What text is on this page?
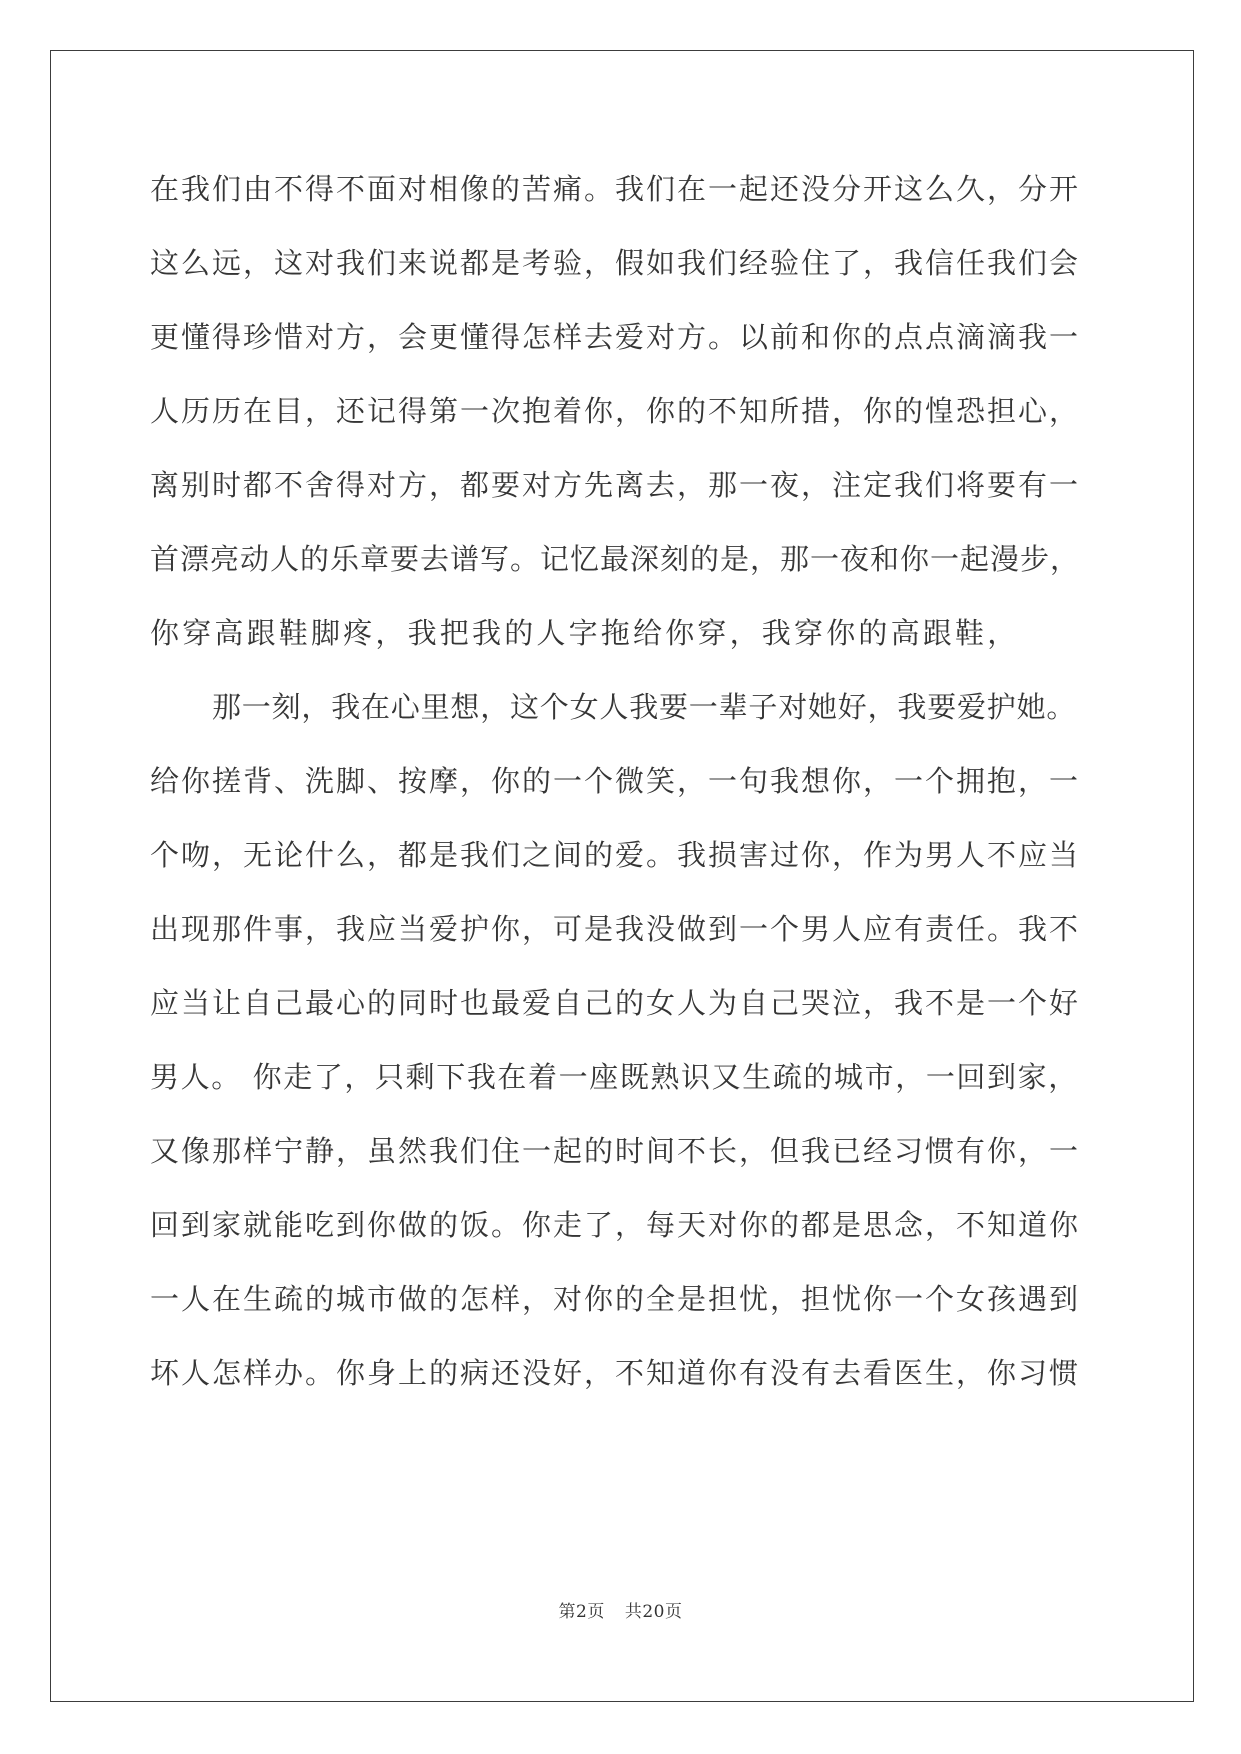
在我们由不得不面对相像的苦痛。我们在一起还没分开这么久，分开
这么远，这对我们来说都是考验，假如我们经验住了，我信任我们会
更懂得珍惜对方，会更懂得怎样去爱对方。以前和你的点点滴滴我一
人历历在目，还记得第一次抱着你，你的不知所措，你的惶恐担心，
离别时都不舍得对方，都要对方先离去，那一夜，注定我们将要有一
首漂亮动人的乐章要去谱写。记忆最深刻的是，那一夜和你一起漫步，
你穿高跟鞋脚疼，我把我的人字拖给你穿，我穿你的高跟鞋，
那一刻，我在心里想，这个女人我要一辈子对她好，我要爱护她。
给你搓背、洗脚、按摩，你的一个微笑，一句我想你，一个拥抱，一
个吻，无论什么，都是我们之间的爱。我损害过你，作为男人不应当
出现那件事，我应当爱护你，可是我没做到一个男人应有责任。我不
应当让自己最心的同时也最爱自己的女人为自己哭泣，我不是一个好
男人。 你走了，只剩下我在着一座既熟识又生疏的城市，一回到家，
又像那样宁静，虽然我们住一起的时间不长，但我已经习惯有你，一
回到家就能吃到你做的饭。你走了，每天对你的都是思念，不知道你
一人在生疏的城市做的怎样，对你的全是担忧，担忧你一个女孩遇到
坏人怎样办。你身上的病还没好，不知道你有没有去看医生，你习惯
第2页 共20页
